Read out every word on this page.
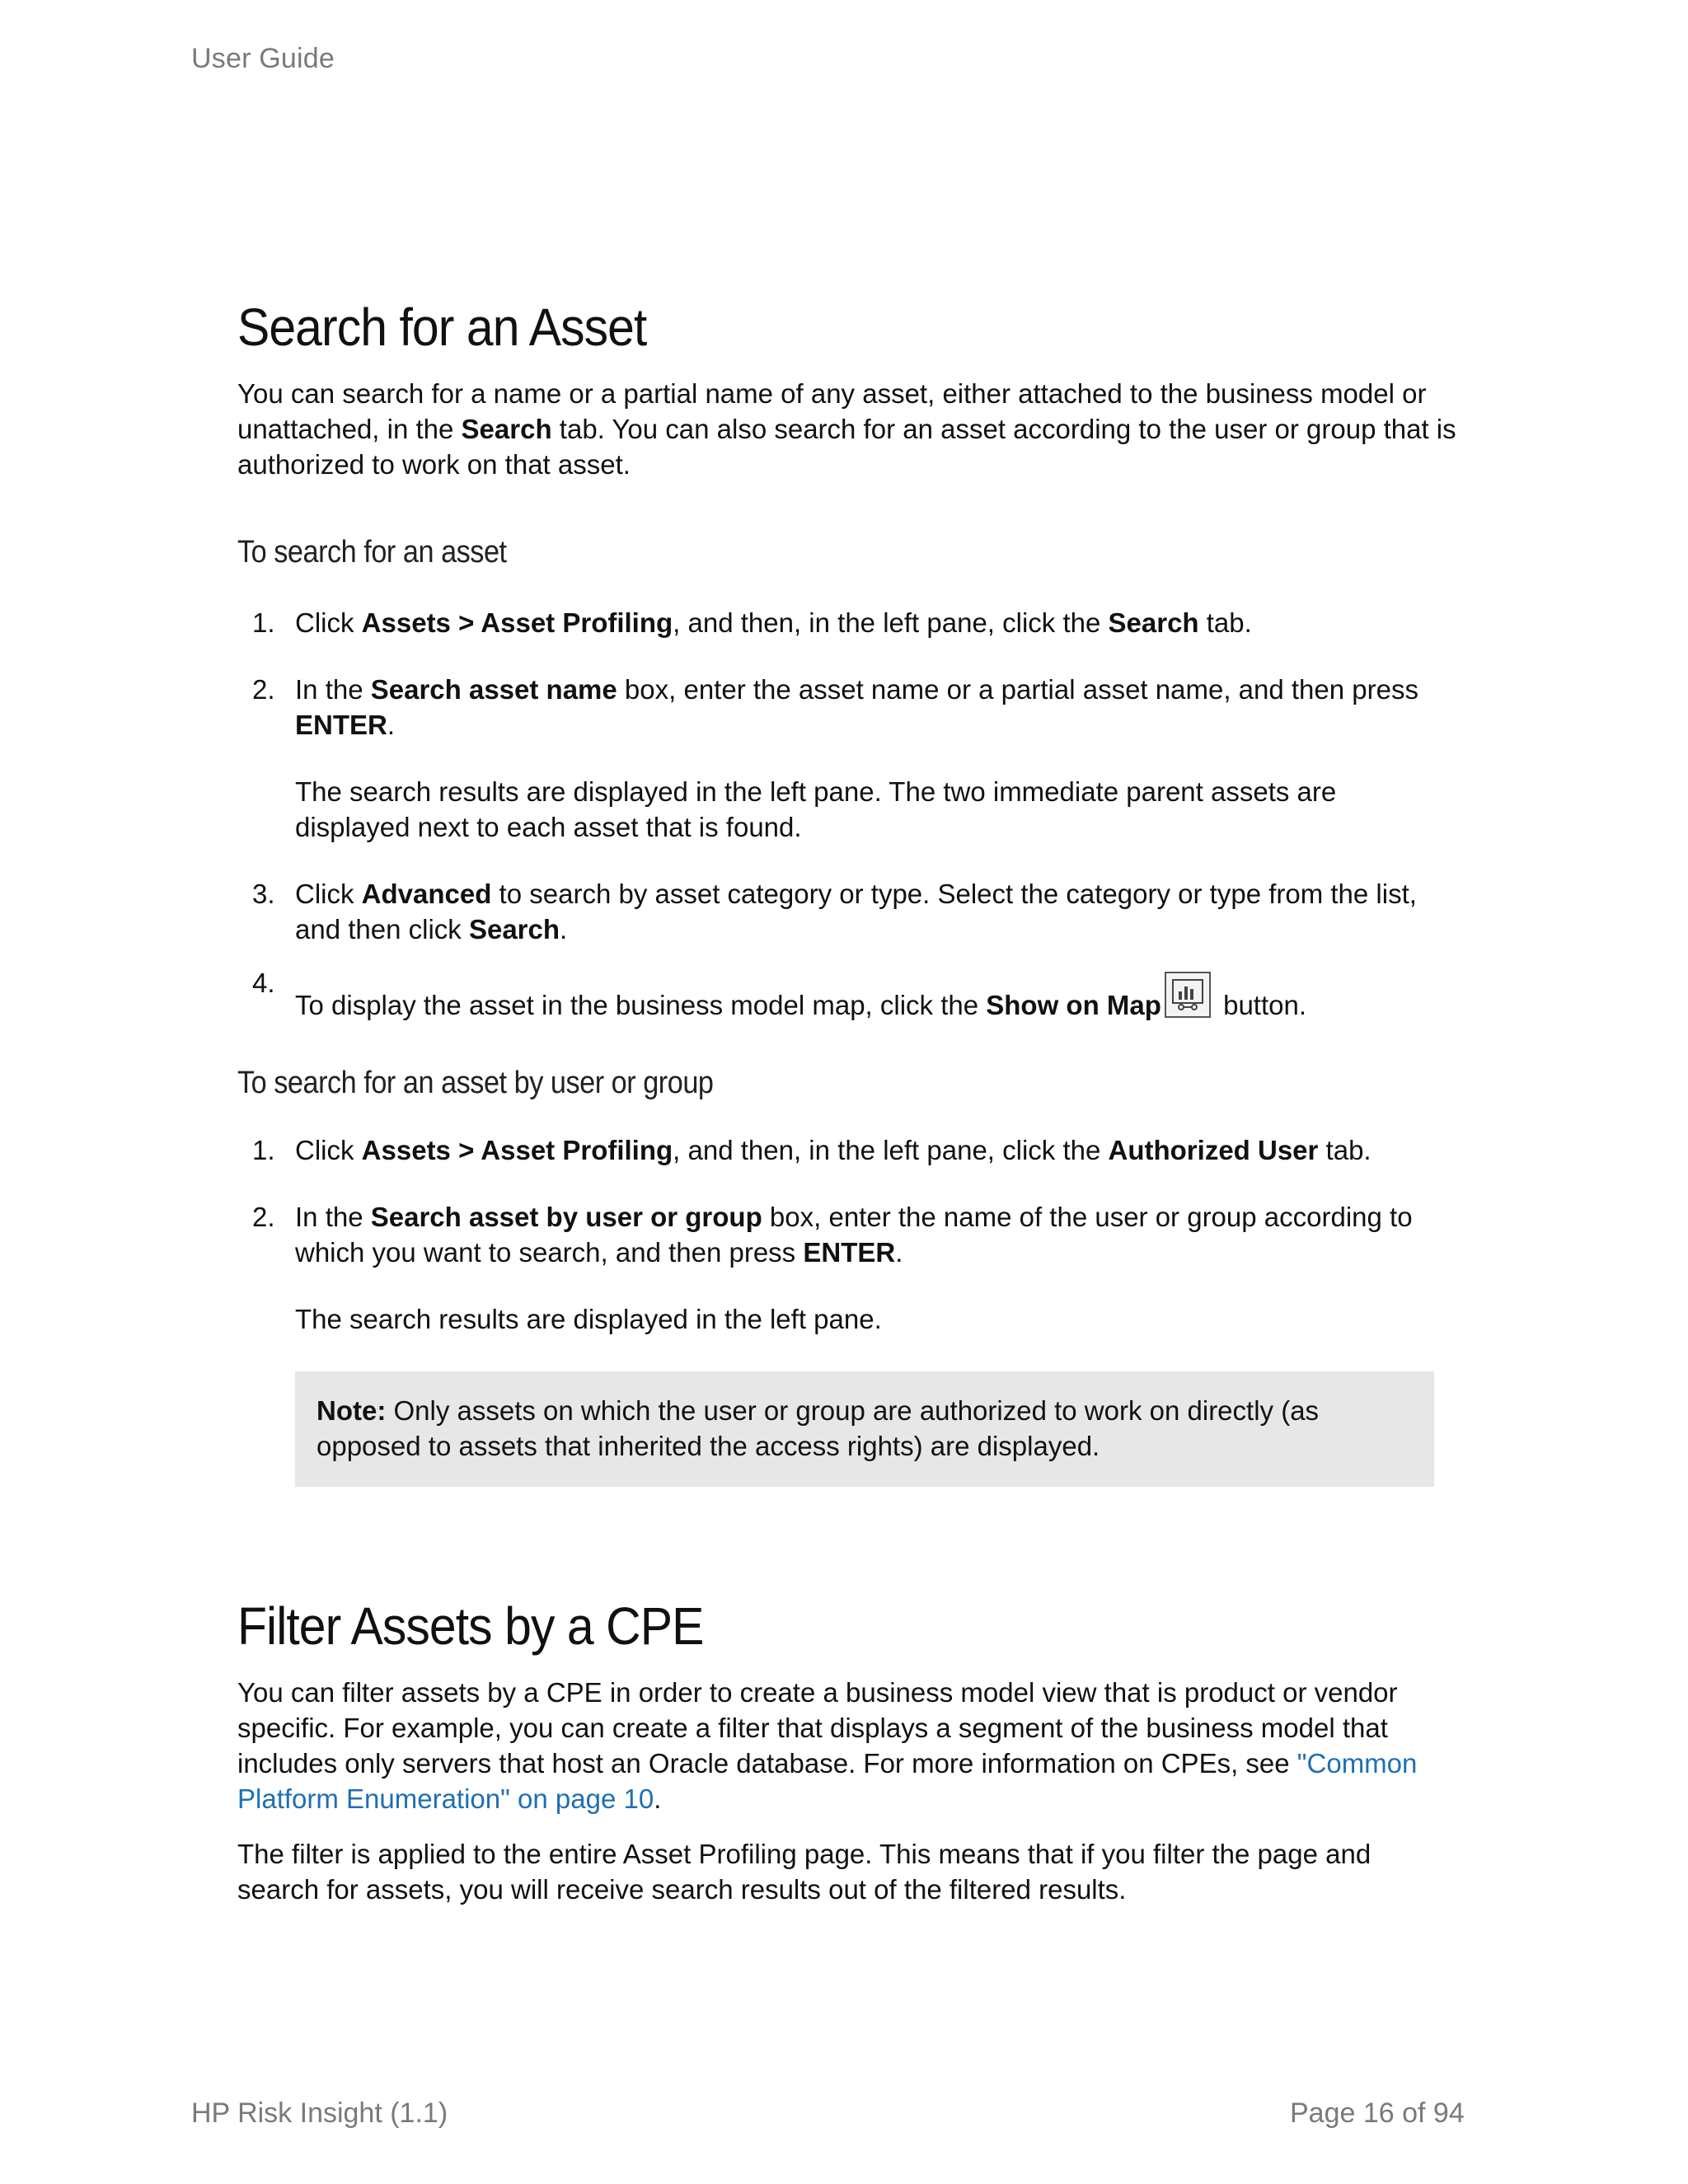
User Guide
Search for an Asset

You can search for a name or a partial name of any asset, either attached to the business model or unattached, in the Search tab. You can also search for an asset according to the user or group that is authorized to work on that asset.

To search for an asset
1. Click Assets > Asset Profiling, and then, in the left pane, click the Search tab.
2. In the Search asset name box, enter the asset name or a partial asset name, and then press ENTER.
The search results are displayed in the left pane. The two immediate parent assets are displayed next to each asset that is found.
3. Click Advanced to search by asset category or type. Select the category or type from the list, and then click Search.
4.
To display the asset in the business model map, click the Show on Map
button.
To search for an asset by user or group
1. Click Assets > Asset Profiling, and then, in the left pane, click the Authorized User tab.
2. In the Search asset by user or group box, enter the name of the user or group according to which you want to search, and then press ENTER.
The search results are displayed in the left pane.
Note: Only assets on which the user or group are authorized to work on directly (as opposed to assets that inherited the access rights) are displayed.
Filter Assets by a CPE

You can filter assets by a CPE in order to create a business model view that is product or vendor specific. For example, you can create a filter that displays a segment of the business model that includes only servers that host an Oracle database. For more information on CPEs, see "Common Platform Enumeration" on page 10.

The filter is applied to the entire Asset Profiling page. This means that if you filter the page and search for assets, you will receive search results out of the filtered results.

HP Risk Insight (1.1)	Page 16 of 94
